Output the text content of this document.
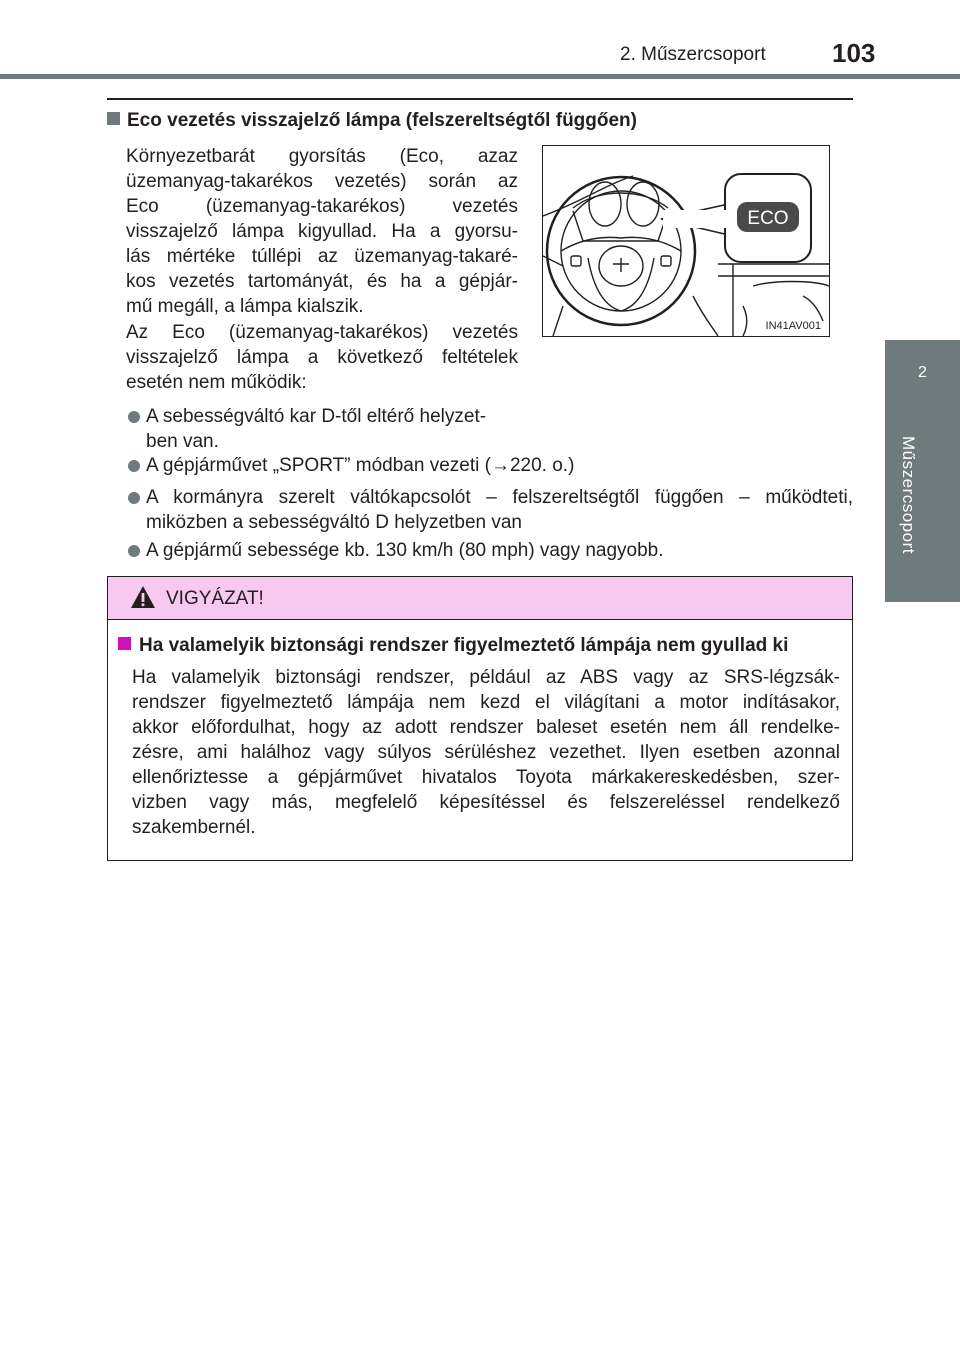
2. Műszercsoport	103
2
Műszercsoport
Eco vezetés visszajelző lámpa (felszereltségtől függően)
Környezetbarát gyorsítás (Eco, azaz
üzemanyag-takarékos vezetés) során az
Eco (üzemanyag-takarékos) vezetés
visszajelző lámpa kigyullad. Ha a gyorsu-
lás mértéke túllépi az üzemanyag-takaré-
kos vezetés tartományát, és ha a gépjár-
mű megáll, a lámpa kialszik.
Az Eco (üzemanyag-takarékos) vezetés
visszajelző lámpa a következő feltételek
esetén nem működik:
ECO
IN41AV001
A sebességváltó kar D-től eltérő helyzet-
ben van.
A gépjárművet „SPORT” módban vezeti (→220. o.)
A kormányra szerelt váltókapcsolót – felszereltségtől függően – működteti,
miközben a sebességváltó D helyzetben van
A gépjármű sebessége kb. 130 km/h (80 mph) vagy nagyobb.
VIGYÁZAT!
Ha valamelyik biztonsági rendszer figyelmeztető lámpája nem gyullad ki
Ha valamelyik biztonsági rendszer, például az ABS vagy az SRS-légzsák-
rendszer figyelmeztető lámpája nem kezd el világítani a motor indításakor,
akkor előfordulhat, hogy az adott rendszer baleset esetén nem áll rendelke-
zésre, ami halálhoz vagy súlyos sérüléshez vezethet. Ilyen esetben azonnal
ellenőriztesse a gépjárművet hivatalos Toyota márkakereskedésben, szer-
vizben vagy más, megfelelő képesítéssel és felszereléssel rendelkező
szakembernél.
